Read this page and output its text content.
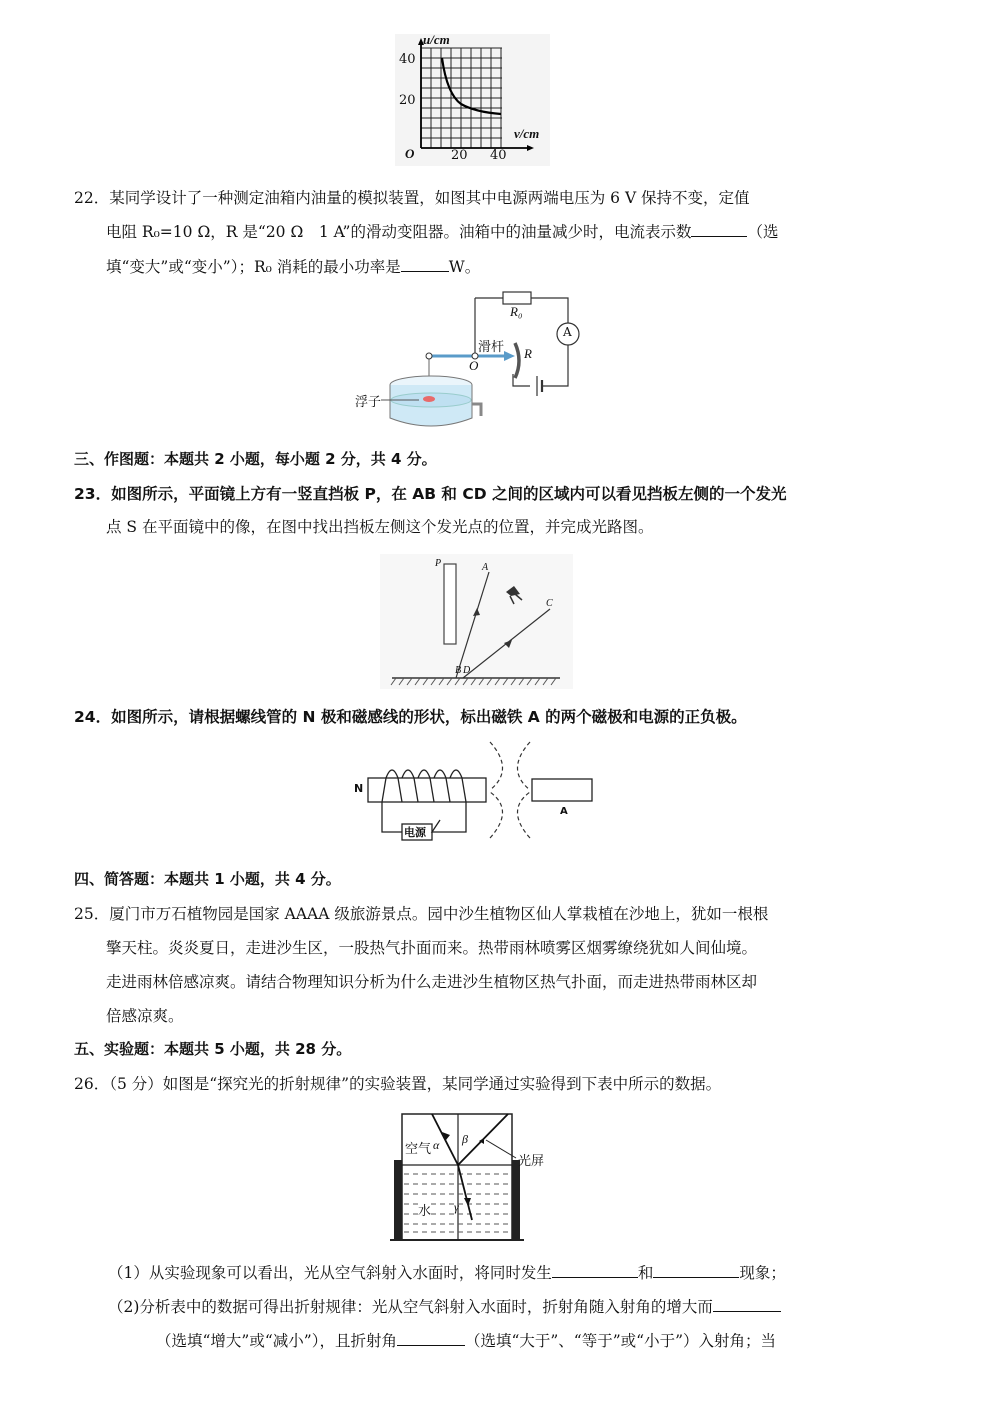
u/cm
v/cm
40
20
O	20 40
22．某同学设计了一种测定油箱内油量的模拟装置，如图其中电源两端电压为 6 V 保持不变，定值
电阻 R₀=10 Ω，R 是“20 Ω　1 A”的滑动变阻器。油箱中的油量减少时，电流表示数	（选
填“变大”或“变小”）；R₀ 消耗的最小功率是	W。
R₀
A
滑杆
O
R
浮子
三、作图题：本题共 2 小题，每小题 2 分，共 4 分。
23．如图所示，平面镜上方有一竖直挡板 P，在 AB 和 CD 之间的区域内可以看见挡板左侧的一个发光
点 S 在平面镜中的像，在图中找出挡板左侧这个发光点的位置，并完成光路图。
P	A
B
C
D
24．如图所示，请根据螺线管的 N 极和磁感线的形状，标出磁铁 A 的两个磁极和电源的正负极。
N
电源
A
四、简答题：本题共 1 小题，共 4 分。
25．厦门市万石植物园是国家 AAAA 级旅游景点。园中沙生植物区仙人掌栽植在沙地上，犹如一根根
擎天柱。炎炎夏日，走进沙生区，一股热气扑面而来。热带雨林喷雾区烟雾缭绕犹如人间仙境。
走进雨林倍感凉爽。请结合物理知识分析为什么走进沙生植物区热气扑面，而走进热带雨林区却
倍感凉爽。
五、实验题：本题共 5 小题，共 28 分。
26．（5 分）如图是“探究光的折射规律”的实验装置，某同学通过实验得到下表中所示的数据。
空气 α β
光屏
水 γ
（1）从实验现象可以看出，光从空气斜射入水面时，将同时发生	和	现象；
（2)分析表中的数据可得出折射规律：光从空气斜射入水面时，折射角随入射角的增大而
（选填“增大”或“减小”），且折射角	（选填“大于”、“等于”或“小于”）入射角；当
